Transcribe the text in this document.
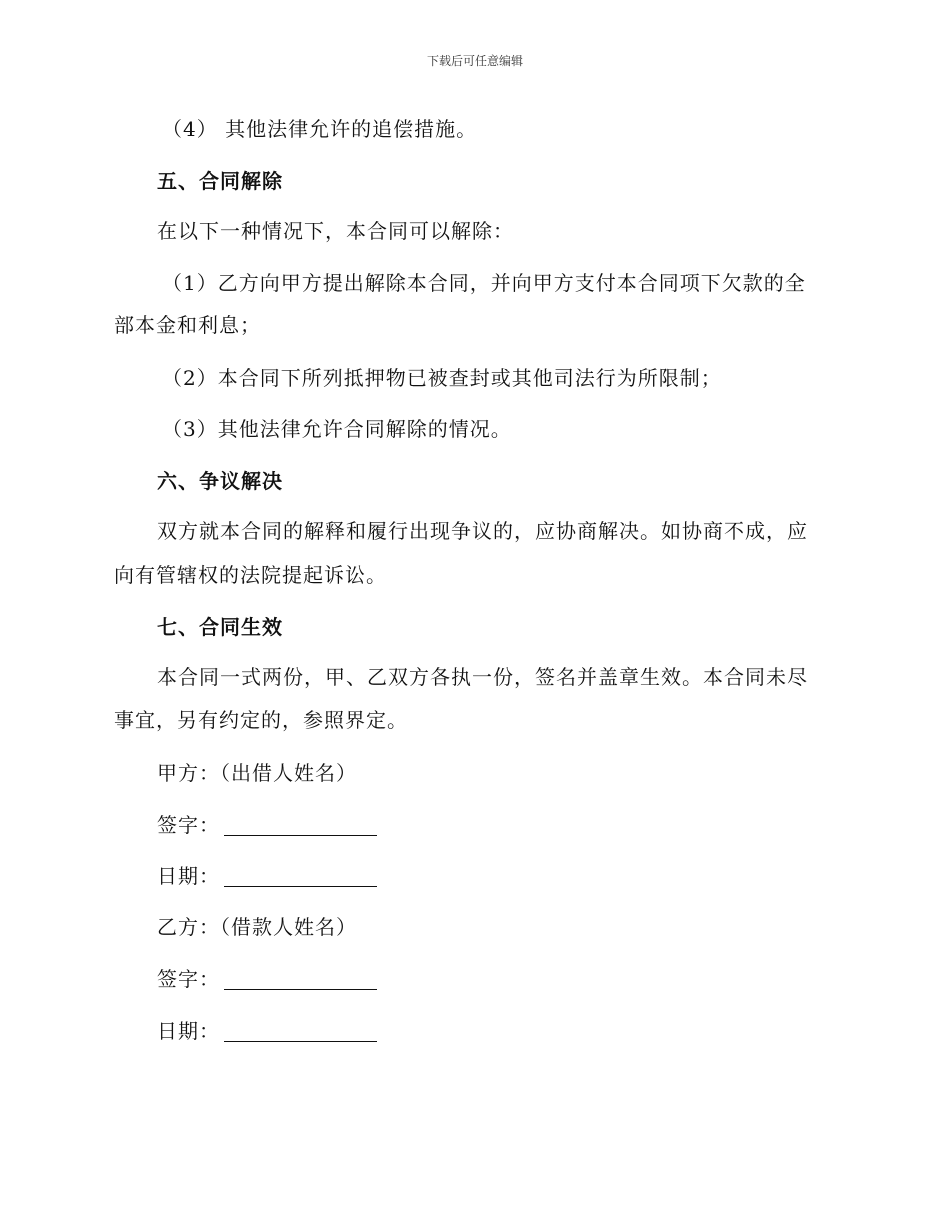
下载后可任意编辑
（4） 其他法律允许的追偿措施。
五、合同解除
在以下一种情况下，本合同可以解除：
（1）乙方向甲方提出解除本合同，并向甲方支付本合同项下欠款的全
部本金和利息；
（2）本合同下所列抵押物已被查封或其他司法行为所限制；
（3）其他法律允许合同解除的情况。
六、争议解决
双方就本合同的解释和履行出现争议的，应协商解决。如协商不成，应
向有管辖权的法院提起诉讼。
七、合同生效
本合同一式两份，甲、乙双方各执一份，签名并盖章生效。本合同未尽
事宜，另有约定的，参照界定。
甲方：（出借人姓名）
签字：
日期：
乙方：（借款人姓名）
签字：
日期：
